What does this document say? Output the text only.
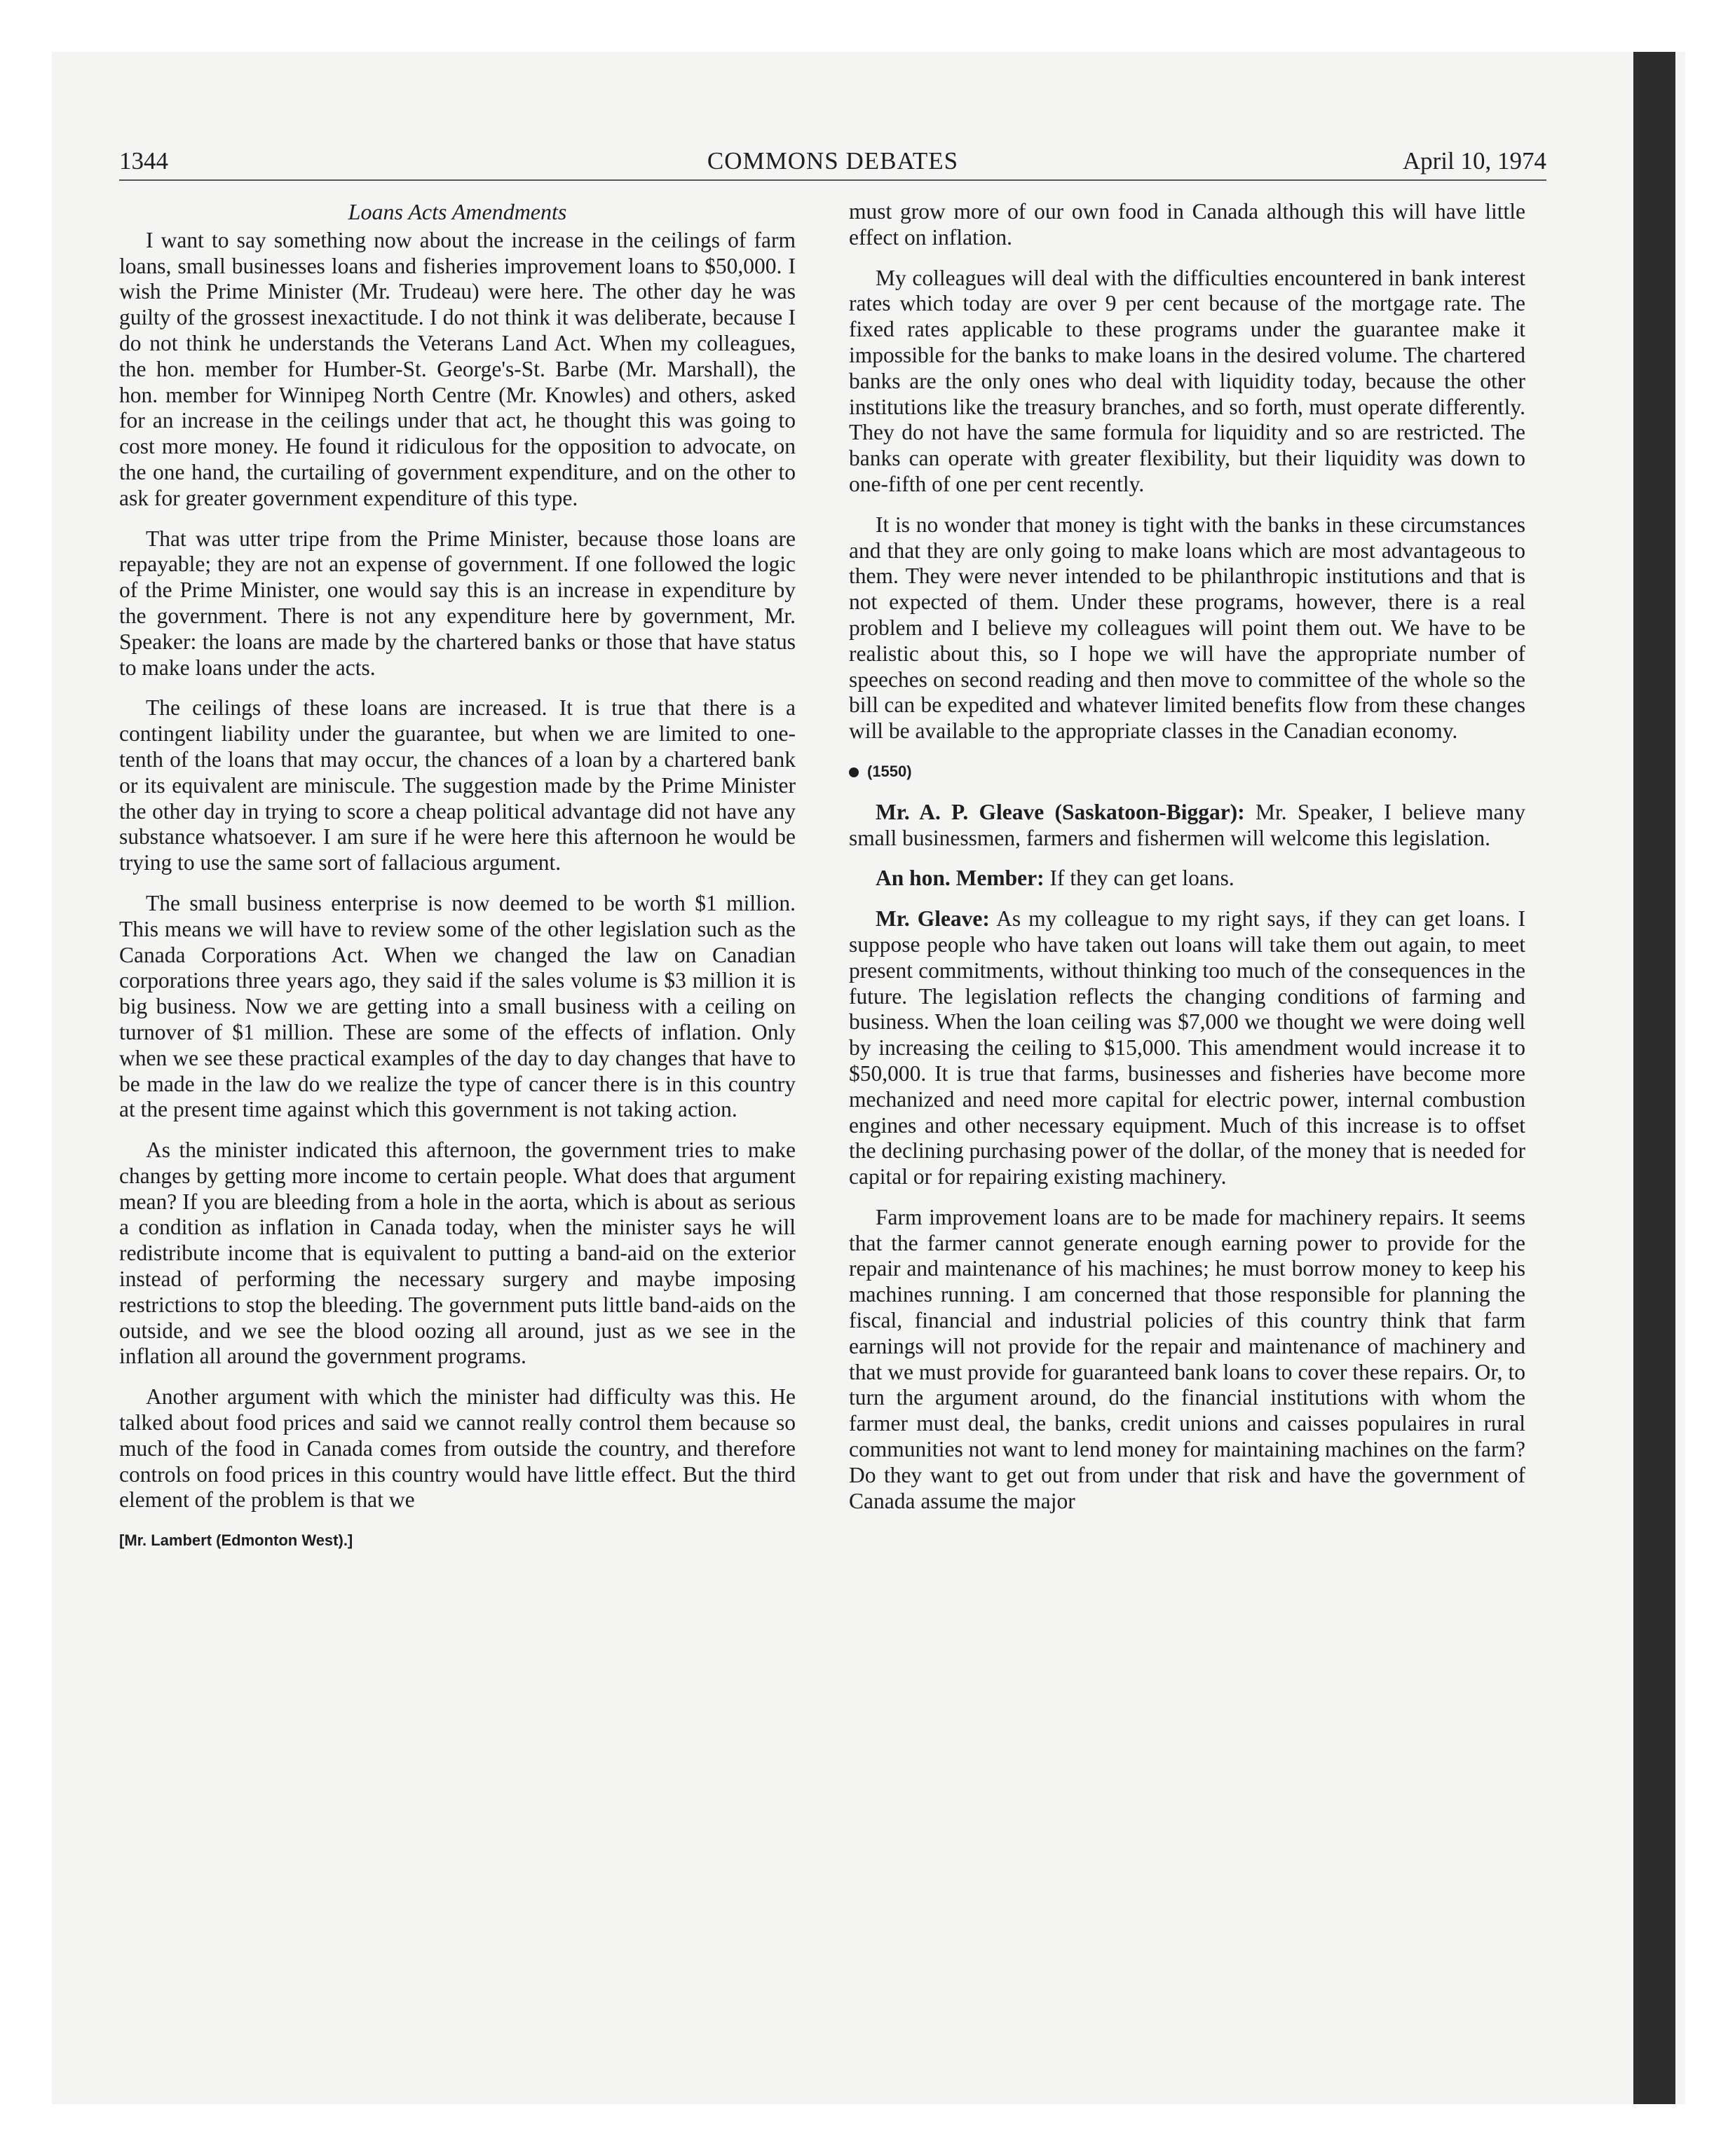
1344	COMMONS DEBATES	April 10, 1974
Loans Acts Amendments

I want to say something now about the increase in the ceilings of farm loans, small businesses loans and fisheries improvement loans to $50,000. I wish the Prime Minister (Mr. Trudeau) were here. The other day he was guilty of the grossest inexactitude. I do not think it was deliberate, because I do not think he understands the Veterans Land Act. When my colleagues, the hon. member for Humber-St. George's-St. Barbe (Mr. Marshall), the hon. member for Winnipeg North Centre (Mr. Knowles) and others, asked for an increase in the ceilings under that act, he thought this was going to cost more money. He found it ridiculous for the opposition to advocate, on the one hand, the curtailing of government expenditure, and on the other to ask for greater government expenditure of this type.

That was utter tripe from the Prime Minister, because those loans are repayable; they are not an expense of government. If one followed the logic of the Prime Minister, one would say this is an increase in expenditure by the government. There is not any expenditure here by government, Mr. Speaker: the loans are made by the chartered banks or those that have status to make loans under the acts.

The ceilings of these loans are increased. It is true that there is a contingent liability under the guarantee, but when we are limited to one-tenth of the loans that may occur, the chances of a loan by a chartered bank or its equivalent are miniscule. The suggestion made by the Prime Minister the other day in trying to score a cheap political advantage did not have any substance whatsoever. I am sure if he were here this afternoon he would be trying to use the same sort of fallacious argument.

The small business enterprise is now deemed to be worth $1 million. This means we will have to review some of the other legislation such as the Canada Corporations Act. When we changed the law on Canadian corporations three years ago, they said if the sales volume is $3 million it is big business. Now we are getting into a small business with a ceiling on turnover of $1 million. These are some of the effects of inflation. Only when we see these practical examples of the day to day changes that have to be made in the law do we realize the type of cancer there is in this country at the present time against which this government is not taking action.

As the minister indicated this afternoon, the government tries to make changes by getting more income to certain people. What does that argument mean? If you are bleeding from a hole in the aorta, which is about as serious a condition as inflation in Canada today, when the minister says he will redistribute income that is equivalent to putting a band-aid on the exterior instead of performing the necessary surgery and maybe imposing restrictions to stop the bleeding. The government puts little band-aids on the outside, and we see the blood oozing all around, just as we see in the inflation all around the government programs.

Another argument with which the minister had difficulty was this. He talked about food prices and said we cannot really control them because so much of the food in Canada comes from outside the country, and therefore controls on food prices in this country would have little effect. But the third element of the problem is that we

[Mr. Lambert (Edmonton West).]

must grow more of our own food in Canada although this will have little effect on inflation.

My colleagues will deal with the difficulties encountered in bank interest rates which today are over 9 per cent because of the mortgage rate. The fixed rates applicable to these programs under the guarantee make it impossible for the banks to make loans in the desired volume. The chartered banks are the only ones who deal with liquidity today, because the other institutions like the treasury branches, and so forth, must operate differently. They do not have the same formula for liquidity and so are restricted. The banks can operate with greater flexibility, but their liquidity was down to one-fifth of one per cent recently.

It is no wonder that money is tight with the banks in these circumstances and that they are only going to make loans which are most advantageous to them. They were never intended to be philanthropic institutions and that is not expected of them. Under these programs, however, there is a real problem and I believe my colleagues will point them out. We have to be realistic about this, so I hope we will have the appropriate number of speeches on second reading and then move to committee of the whole so the bill can be expedited and whatever limited benefits flow from these changes will be available to the appropriate classes in the Canadian economy.

(1550)

Mr. A. P. Gleave (Saskatoon-Biggar): Mr. Speaker, I believe many small businessmen, farmers and fishermen will welcome this legislation.

An hon. Member: If they can get loans.

Mr. Gleave: As my colleague to my right says, if they can get loans. I suppose people who have taken out loans will take them out again, to meet present commitments, without thinking too much of the consequences in the future. The legislation reflects the changing conditions of farming and business. When the loan ceiling was $7,000 we thought we were doing well by increasing the ceiling to $15,000. This amendment would increase it to $50,000. It is true that farms, businesses and fisheries have become more mechanized and need more capital for electric power, internal combustion engines and other necessary equipment. Much of this increase is to offset the declining purchasing power of the dollar, of the money that is needed for capital or for repairing existing machinery.

Farm improvement loans are to be made for machinery repairs. It seems that the farmer cannot generate enough earning power to provide for the repair and maintenance of his machines; he must borrow money to keep his machines running. I am concerned that those responsible for planning the fiscal, financial and industrial policies of this country think that farm earnings will not provide for the repair and maintenance of machinery and that we must provide for guaranteed bank loans to cover these repairs. Or, to turn the argument around, do the financial institutions with whom the farmer must deal, the banks, credit unions and caisses populaires in rural communities not want to lend money for maintaining machines on the farm? Do they want to get out from under that risk and have the government of Canada assume the major
